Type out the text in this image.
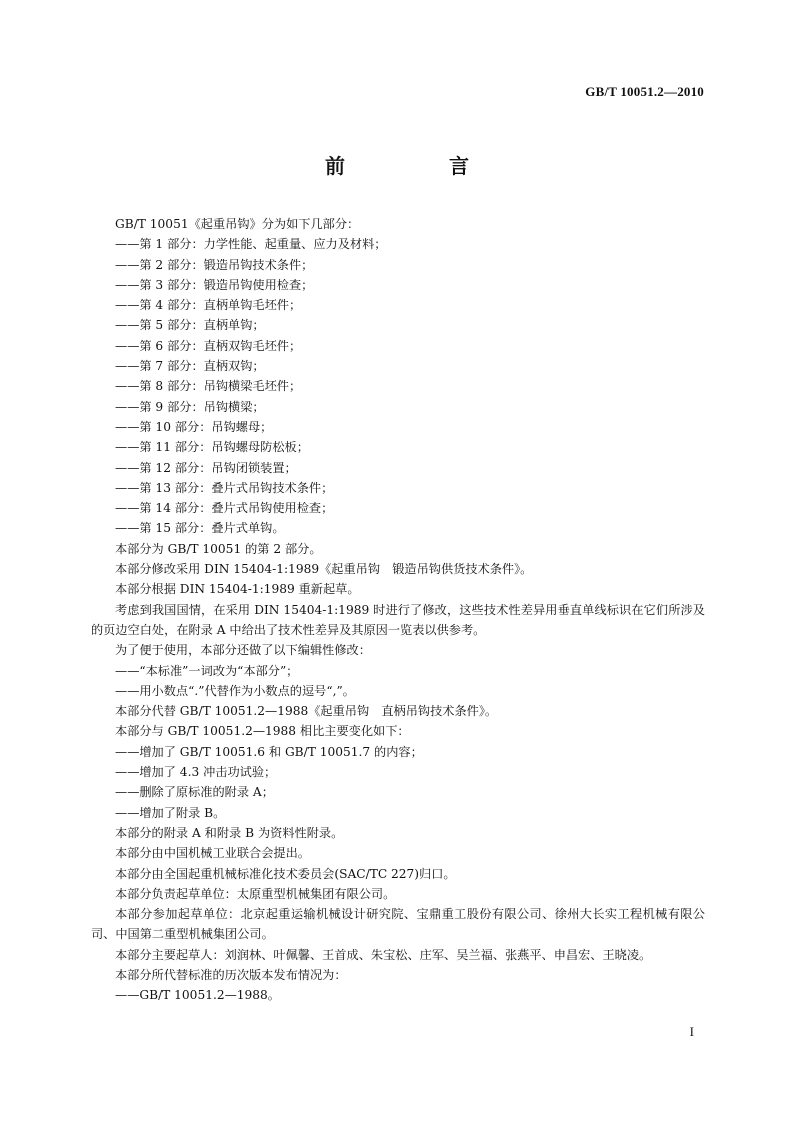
GB/T 10051.2—2010
前　言

GB/T 10051《起重吊钩》分为如下几部分：

——第 1 部分：力学性能、起重量、应力及材料；

——第 2 部分：锻造吊钩技术条件；

——第 3 部分：锻造吊钩使用检查；

——第 4 部分：直柄单钩毛坯件；

——第 5 部分：直柄单钩；

——第 6 部分：直柄双钩毛坯件；

——第 7 部分：直柄双钩；

——第 8 部分：吊钩横梁毛坯件；

——第 9 部分：吊钩横梁；

——第 10 部分：吊钩螺母；

——第 11 部分：吊钩螺母防松板；

——第 12 部分：吊钩闭锁装置；

——第 13 部分：叠片式吊钩技术条件；

——第 14 部分：叠片式吊钩使用检查；

——第 15 部分：叠片式单钩。

本部分为 GB/T 10051 的第 2 部分。

本部分修改采用 DIN 15404-1:1989《起重吊钩　锻造吊钩供货技术条件》。

本部分根据 DIN 15404-1:1989 重新起草。

考虑到我国国情，在采用 DIN 15404-1:1989 时进行了修改，这些技术性差异用垂直单线标识在它们所涉及的页边空白处，在附录 A 中给出了技术性差异及其原因一览表以供参考。

为了便于使用，本部分还做了以下编辑性修改：

——“本标准”一词改为“本部分”；

——用小数点“.”代替作为小数点的逗号“,”。

本部分代替 GB/T 10051.2—1988《起重吊钩　直柄吊钩技术条件》。

本部分与 GB/T 10051.2—1988 相比主要变化如下：

——增加了 GB/T 10051.6 和 GB/T 10051.7 的内容；

——增加了 4.3 冲击功试验；

——删除了原标准的附录 A；

——增加了附录 B。

本部分的附录 A 和附录 B 为资料性附录。

本部分由中国机械工业联合会提出。

本部分由全国起重机械标准化技术委员会(SAC/TC 227)归口。

本部分负责起草单位：太原重型机械集团有限公司。

本部分参加起草单位：北京起重运输机械设计研究院、宝鼎重工股份有限公司、徐州大长实工程机械有限公司、中国第二重型机械集团公司。

本部分主要起草人：刘润林、叶佩馨、王首成、朱宝松、庄军、吴兰福、张燕平、申昌宏、王晓凌。

本部分所代替标准的历次版本发布情况为：

——GB/T 10051.2—1988。

I
